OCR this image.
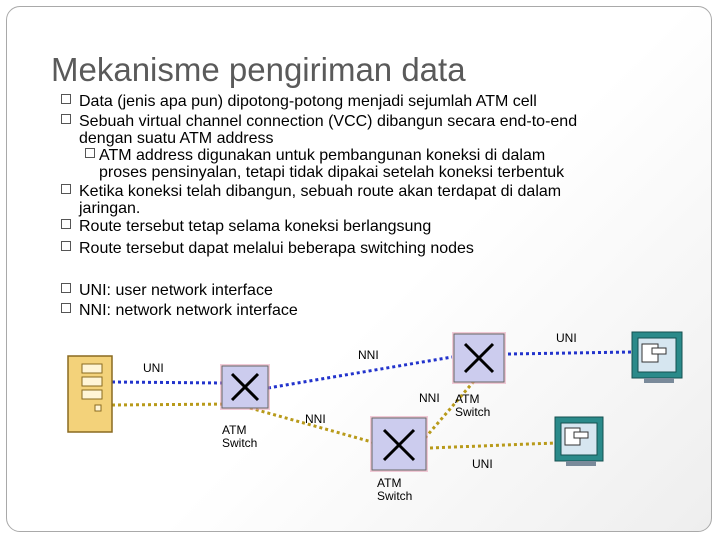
Mekanisme pengiriman data
Data (jenis apa pun) dipotong-potong menjadi sejumlah ATM cell
Sebuah virtual channel connection (VCC) dibangun secara end-to-end
dengan suatu ATM address
ATM address digunakan untuk pembangunan koneksi di dalam
proses pensinyalan, tetapi tidak dipakai setelah koneksi terbentuk
Ketika koneksi telah dibangun, sebuah route akan terdapat di dalam
jaringan.
Route tersebut tetap selama koneksi berlangsung
Route tersebut dapat melalui beberapa switching nodes
UNI: user network interface
NNI: network network interface
UNI
NNI
UNI
NNI
NNI
UNI
ATM
Switch
ATM
Switch
ATM
Switch
